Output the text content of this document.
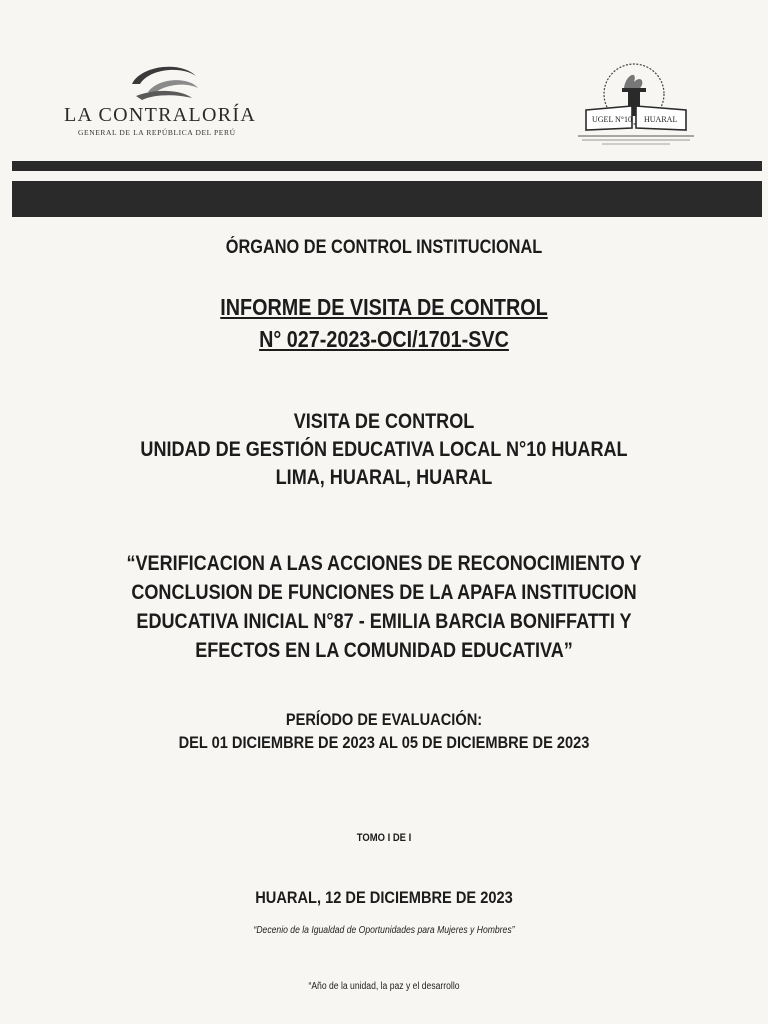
LA CONTRALORÍA
GENERAL DE LA REPÚBLICA DEL PERÚ
UGEL N°10 HUARAL
ÓRGANO DE CONTROL INSTITUCIONAL
INFORME DE VISITA DE CONTROL
N° 027-2023-OCI/1701-SVC
VISITA DE CONTROL
UNIDAD DE GESTIÓN EDUCATIVA LOCAL N°10 HUARAL
LIMA, HUARAL, HUARAL
“VERIFICACION A LAS ACCIONES DE RECONOCIMIENTO Y
CONCLUSION DE FUNCIONES DE LA APAFA INSTITUCION
EDUCATIVA INICIAL N°87 - EMILIA BARCIA BONIFFATTI Y
EFECTOS EN LA COMUNIDAD EDUCATIVA”
PERÍODO DE EVALUACIÓN:
DEL 01 DICIEMBRE DE 2023 AL 05 DE DICIEMBRE DE 2023
TOMO I DE I
HUARAL, 12 DE DICIEMBRE DE 2023
“Decenio de la Igualdad de Oportunidades para Mujeres y Hombres”
“Año de la unidad, la paz y el desarrollo
